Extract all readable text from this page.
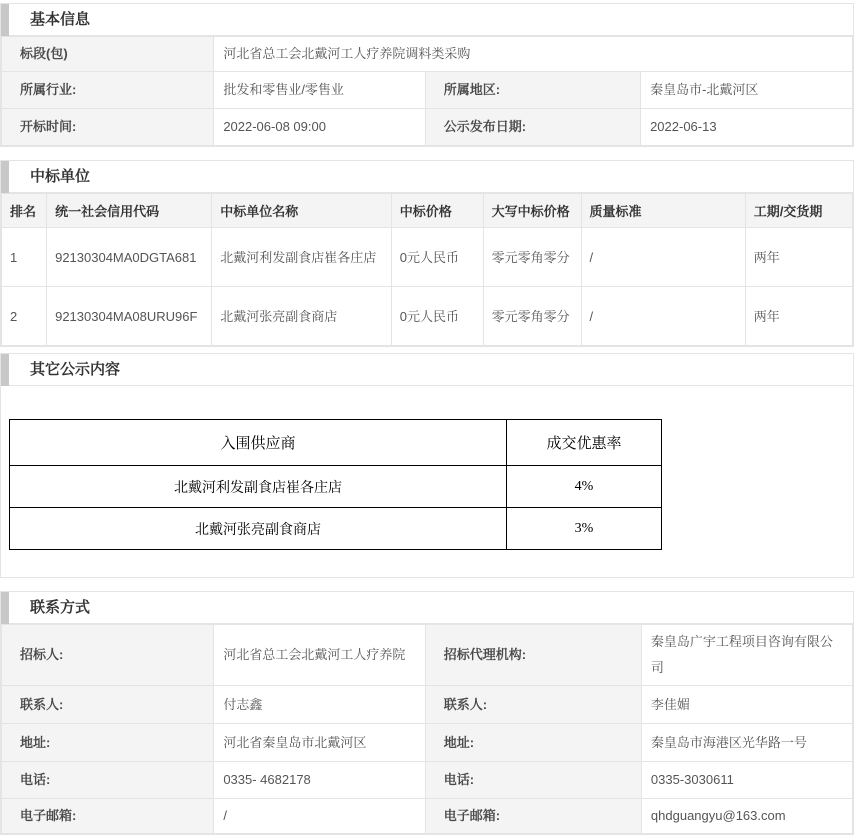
基本信息
标段(包)	河北省总工会北戴河工人疗养院调料类采购		
所属行业:	批发和零售业/零售业	所属地区:	秦皇岛市-北戴河区
开标时间:	2022-06-08 09:00	公示发布日期:	2022-06-13
中标单位
排名	统一社会信用代码	中标单位名称	中标价格	大写中标价格	质量标准	工期/交货期
1	92130304MA0DGTA681	北戴河利发副食店崔各庄店	0元人民币	零元零角零分	/	两年
2	92130304MA08URU96F	北戴河张亮副食商店	0元人民币	零元零角零分	/	两年
其它公示内容
入围供应商	成交优惠率
北戴河利发副食店崔各庄店	4%
北戴河张亮副食商店	3%
联系方式
招标人:	河北省总工会北戴河工人疗养院	招标代理机构:	秦皇岛广宇工程项目咨询有限公司
联系人:	付志鑫	联系人:	李佳媚
地址:	河北省秦皇岛市北戴河区	地址:	秦皇岛市海港区光华路一号
电话:	0335- 4682178	电话:	0335-3030611
电子邮箱:	/	电子邮箱:	qhdguangyu@163.com
